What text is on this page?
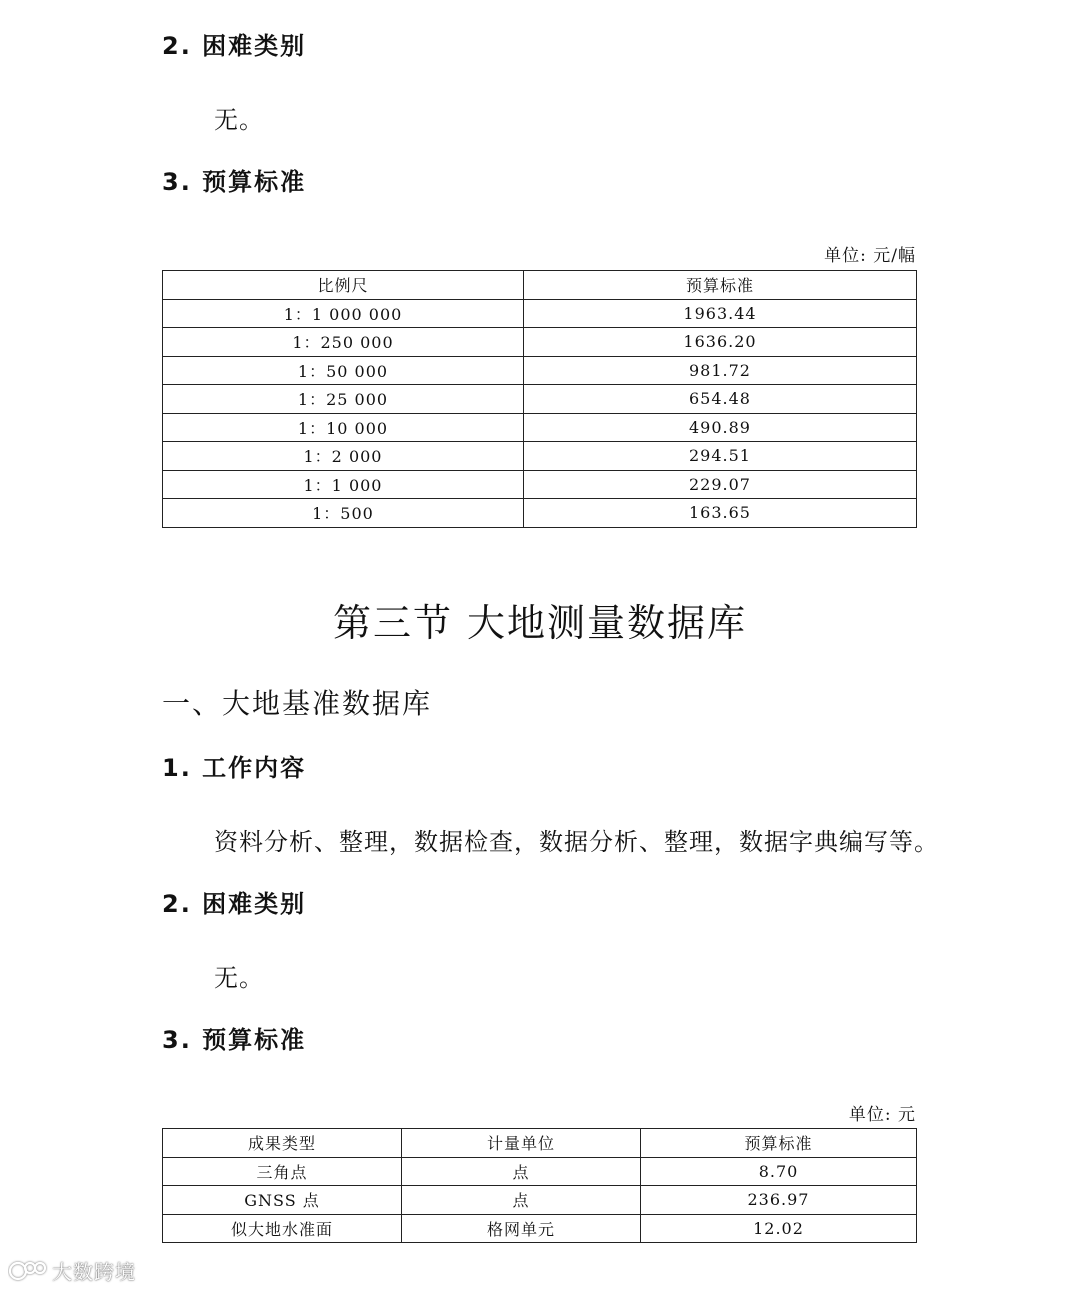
2. 困难类别
无。
3. 预算标准
单位: 元/幅
比例尺	预算标准
1：1 000 000	1963.44
1：250 000	1636.20
1：50 000	981.72
1：25 000	654.48
1：10 000	490.89
1：2 000	294.51
1：1 000	229.07
1：500	163.65
第三节 大地测量数据库
一、大地基准数据库
1. 工作内容
资料分析、整理，数据检查，数据分析、整理，数据字典编写等。
2. 困难类别
无。
3. 预算标准
单位: 元
成果类型	计量单位	预算标准
三角点	点	8.70
GNSS 点	点	236.97
似大地水准面	格网单元	12.02
大数跨境
